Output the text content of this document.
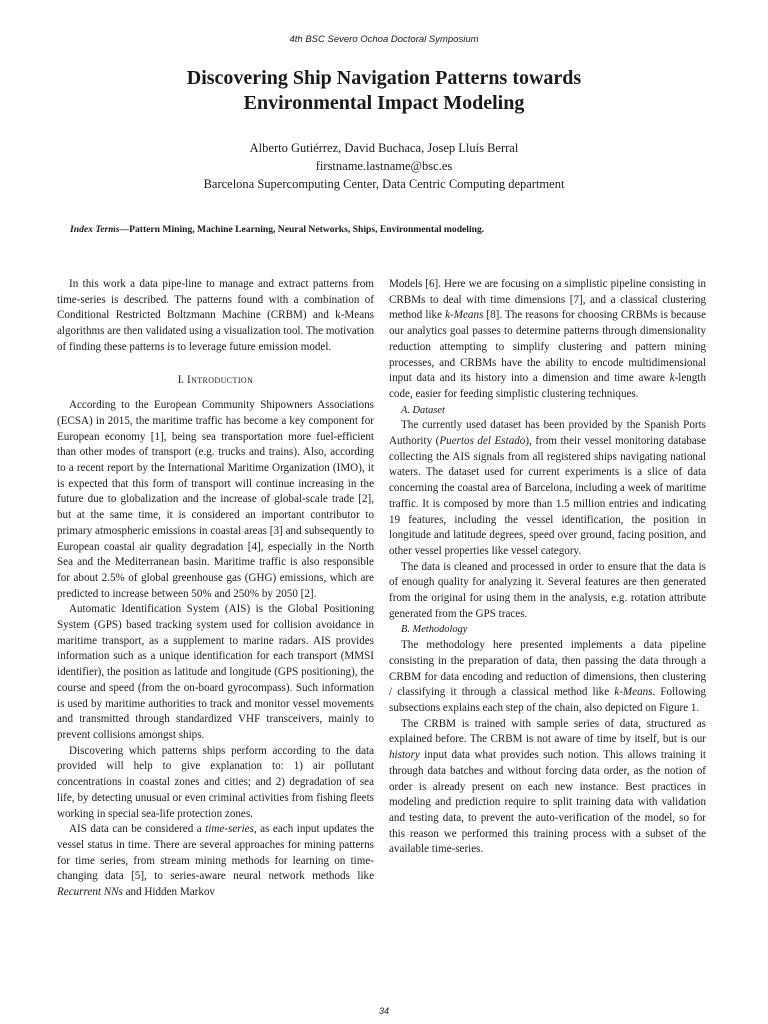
4th BSC Severo Ochoa Doctoral Symposium
Discovering Ship Navigation Patterns towards
Environmental Impact Modeling
Alberto Gutiérrez, David Buchaca, Josep Lluís Berral
firstname.lastname@bsc.es
Barcelona Supercomputing Center, Data Centric Computing department
Index Terms—Pattern Mining, Machine Learning, Neural Networks, Ships, Environmental modeling.

In this work a data pipe-line to manage and extract patterns from time-series is described. The patterns found with a combination of Conditional Restricted Boltzmann Machine (CRBM) and k-Means algorithms are then validated using a visualization tool. The motivation of finding these patterns is to leverage future emission model.

I. Introduction

According to the European Community Shipowners Associations (ECSA) in 2015, the maritime traffic has become a key component for European economy [1], being sea transportation more fuel-efficient than other modes of transport (e.g. trucks and trains). Also, according to a recent report by the International Maritime Organization (IMO), it is expected that this form of transport will continue increasing in the future due to globalization and the increase of global-scale trade [2], but at the same time, it is considered an important contributor to primary atmospheric emissions in coastal areas [3] and subsequently to European coastal air quality degradation [4], especially in the North Sea and the Mediterranean basin. Maritime traffic is also responsible for about 2.5% of global greenhouse gas (GHG) emissions, which are predicted to increase between 50% and 250% by 2050 [2].

Automatic Identification System (AIS) is the Global Positioning System (GPS) based tracking system used for collision avoidance in maritime transport, as a supplement to marine radars. AIS provides information such as a unique identification for each transport (MMSI identifier), the position as latitude and longitude (GPS positioning), the course and speed (from the on-board gyrocompass). Such information is used by maritime authorities to track and monitor vessel movements and transmitted through standardized VHF transceivers, mainly to prevent collisions amongst ships.

Discovering which patterns ships perform according to the data provided will help to give explanation to: 1) air pollutant concentrations in coastal zones and cities; and 2) degradation of sea life, by detecting unusual or even criminal activities from fishing fleets working in special sea-life protection zones.

AIS data can be considered a time-series, as each input updates the vessel status in time. There are several approaches for mining patterns for time series, from stream mining methods for learning on time-changing data [5], to series-aware neural network methods like Recurrent NNs and Hidden Markov

Models [6]. Here we are focusing on a simplistic pipeline consisting in CRBMs to deal with time dimensions [7], and a classical clustering method like k-Means [8]. The reasons for choosing CRBMs is because our analytics goal passes to determine patterns through dimensionality reduction attempting to simplify clustering and pattern mining processes, and CRBMs have the ability to encode multidimensional input data and its history into a dimension and time aware k-length code, easier for feeding simplistic clustering techniques.

A. Dataset

The currently used dataset has been provided by the Spanish Ports Authority (Puertos del Estado), from their vessel monitoring database collecting the AIS signals from all registered ships navigating national waters. The dataset used for current experiments is a slice of data concerning the coastal area of Barcelona, including a week of maritime traffic. It is composed by more than 1.5 million entries and indicating 19 features, including the vessel identification, the position in longitude and latitude degrees, speed over ground, facing position, and other vessel properties like vessel category.

The data is cleaned and processed in order to ensure that the data is of enough quality for analyzing it. Several features are then generated from the original for using them in the analysis, e.g. rotation attribute generated from the GPS traces.

B. Methodology

The methodology here presented implements a data pipeline consisting in the preparation of data, then passing the data through a CRBM for data encoding and reduction of dimensions, then clustering / classifying it through a classical method like k-Means. Following subsections explains each step of the chain, also depicted on Figure 1.

The CRBM is trained with sample series of data, structured as explained before. The CRBM is not aware of time by itself, but is our history input data what provides such notion. This allows training it through data batches and without forcing data order, as the notion of order is already present on each new instance. Best practices in modeling and prediction require to split training data with validation and testing data, to prevent the auto-verification of the model, so for this reason we performed this training process with a subset of the available time-series.

34
